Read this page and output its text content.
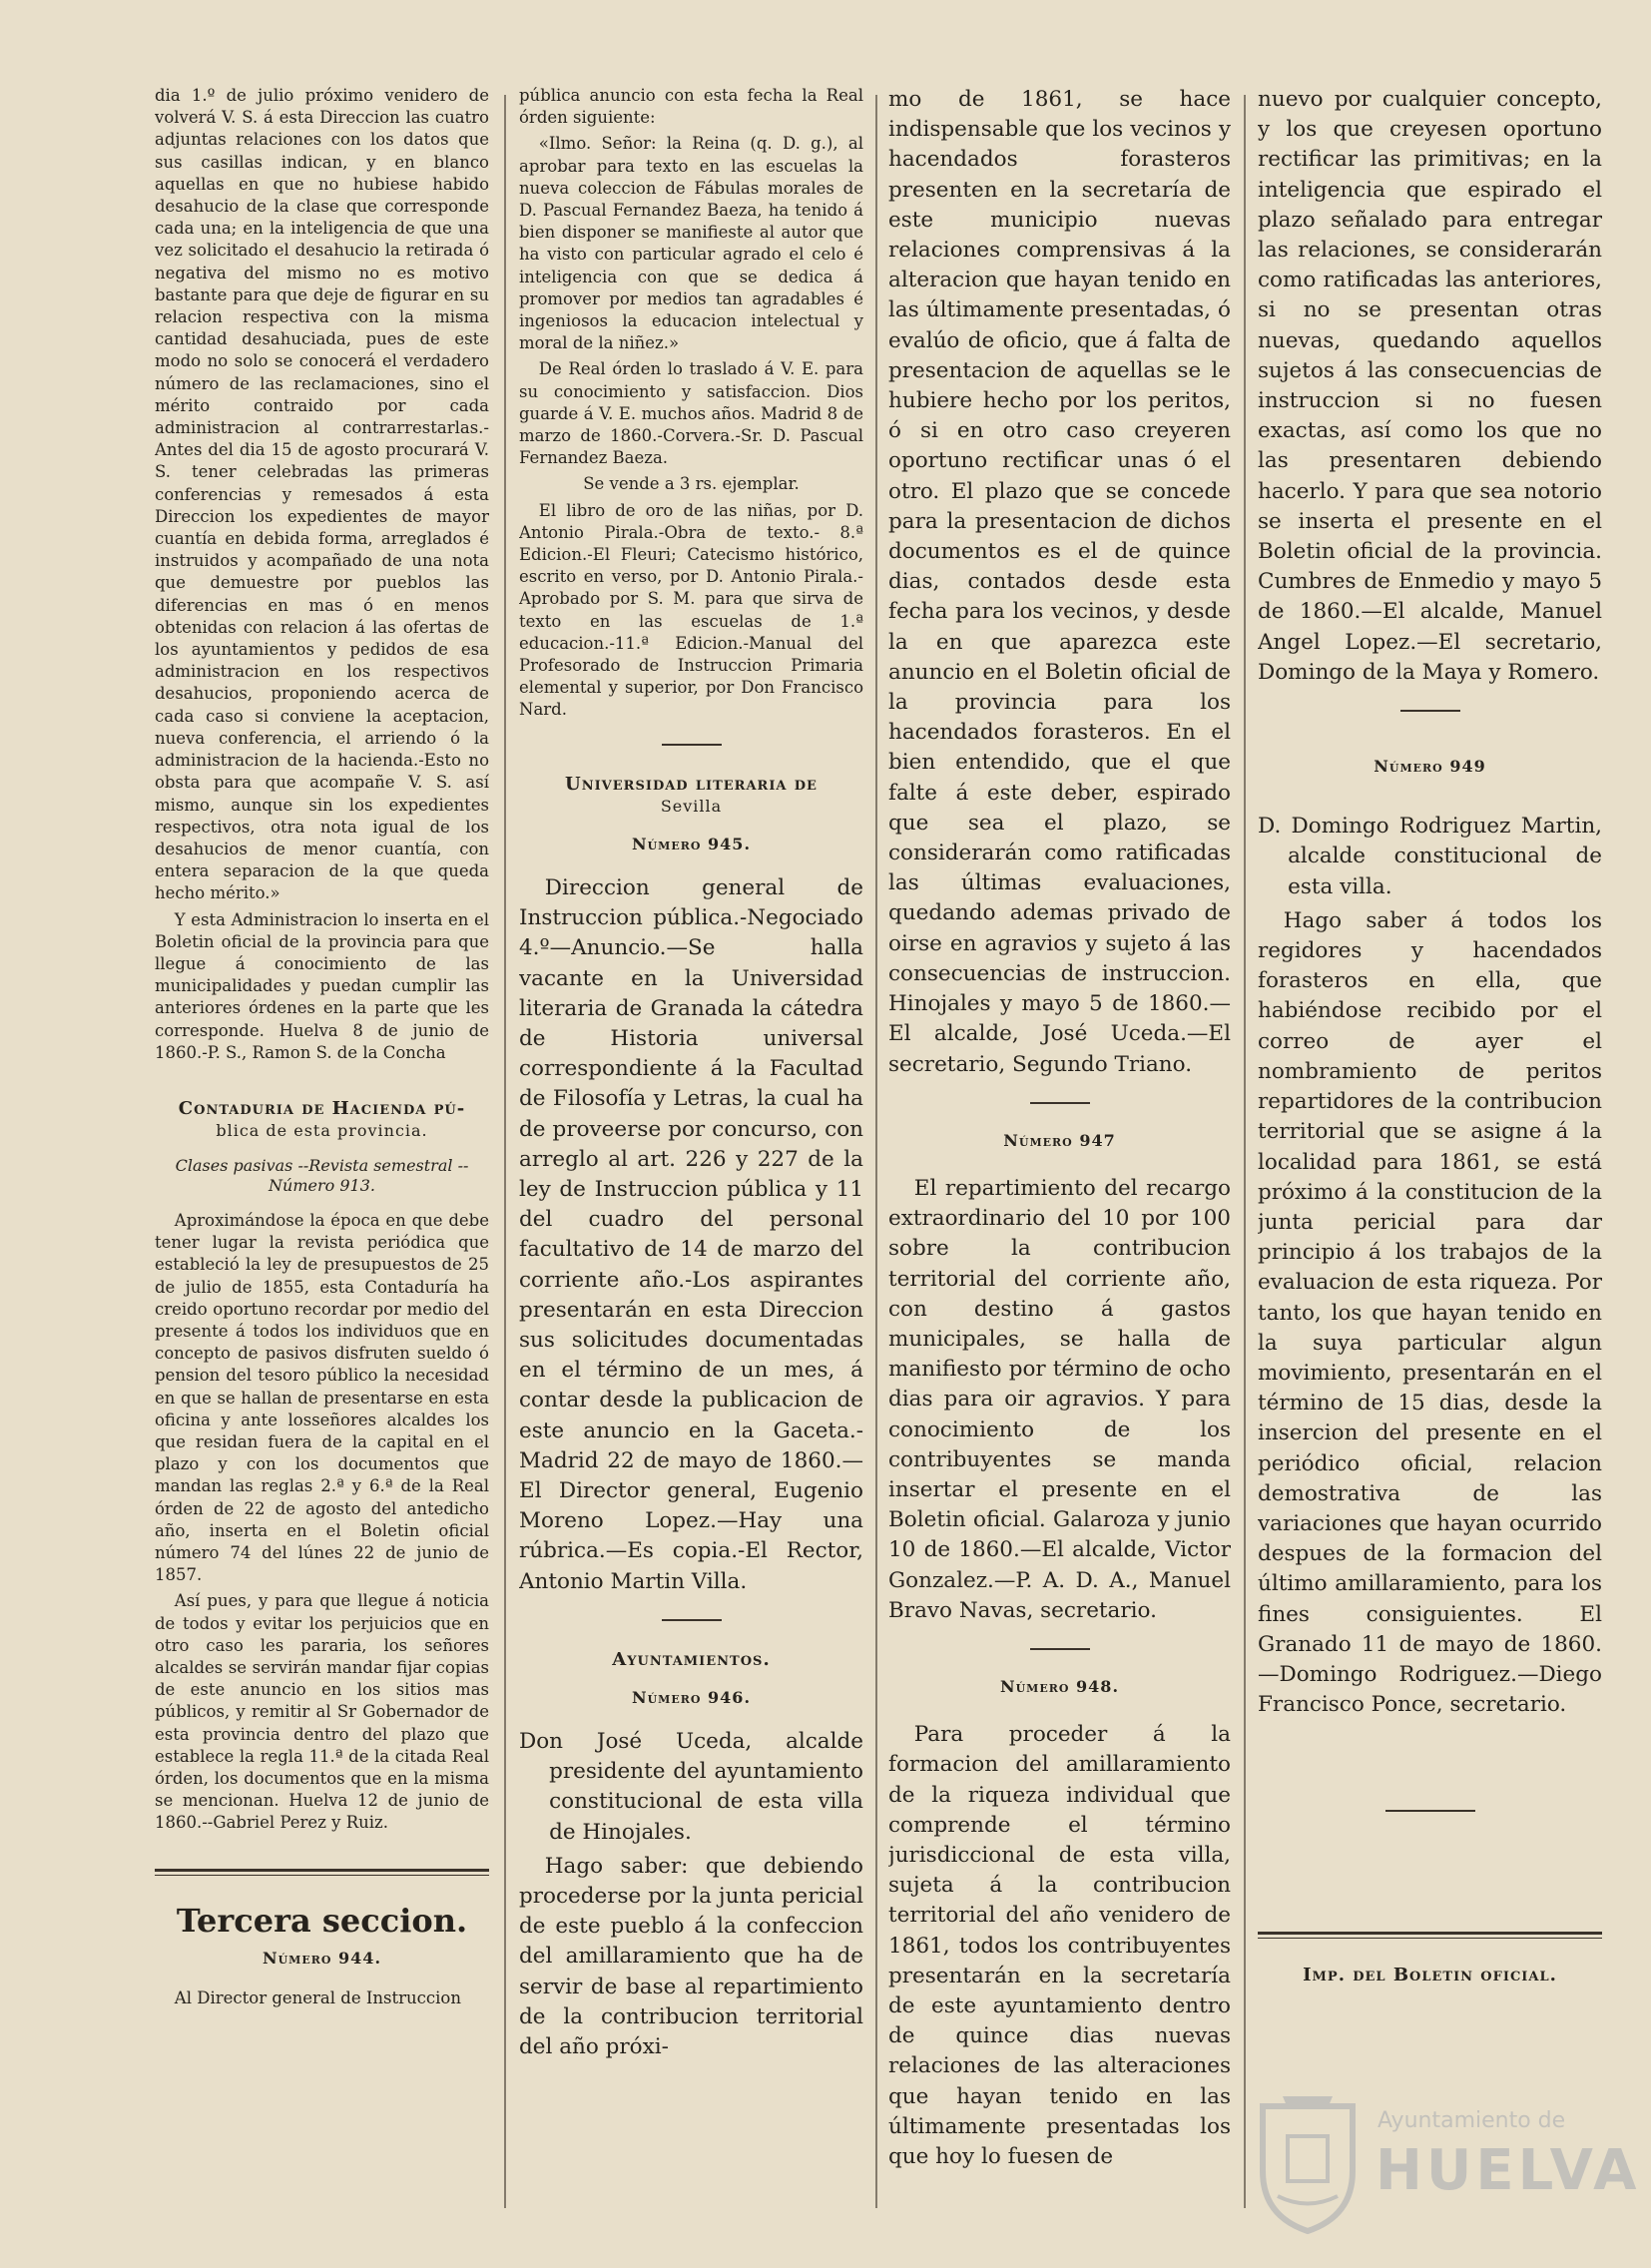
dia 1.º de julio próximo venidero de volverá V. S. á esta Direccion las cuatro adjuntas relaciones con los datos que sus casillas indican, y en blanco aquellas en que no hubiese habido desahucio de la clase que corresponde cada una; en la inteligencia de que una vez solicitado el desahucio la retirada ó negativa del mismo no es motivo bastante para que deje de figurar en su relacion respectiva con la misma cantidad desahuciada, pues de este modo no solo se conocerá el verdadero número de las reclamaciones, sino el mérito contraido por cada administracion al contrarrestarlas.-Antes del dia 15 de agosto procurará V. S. tener celebradas las primeras conferencias y remesados á esta Direccion los expedientes de mayor cuantía en debida forma, arreglados é instruidos y acompañado de una nota que demuestre por pueblos las diferencias en mas ó en menos obtenidas con relacion á las ofertas de los ayuntamientos y pedidos de esa administracion en los respectivos desahucios, proponiendo acerca de cada caso si conviene la aceptacion, nueva conferencia, el arriendo ó la administracion de la hacienda.-Esto no obsta para que acompañe V. S. así mismo, aunque sin los expedientes respectivos, otra nota igual de los desahucios de menor cuantía, con entera separacion de la que queda hecho mérito.»

Y esta Administracion lo inserta en el Boletin oficial de la provincia para que llegue á conocimiento de las municipalidades y puedan cumplir las anteriores órdenes en la parte que les corresponde. Huelva 8 de junio de 1860.-P. S., Ramon S. de la Concha

Contaduria de Hacienda pú-
blica de esta provincia.
Clases pasivas --Revista semestral --
Número 913.

Aproximándose la época en que debe tener lugar la revista periódica que estableció la ley de presupuestos de 25 de julio de 1855, esta Contaduría ha creido oportuno recordar por medio del presente á todos los individuos que en concepto de pasivos disfruten sueldo ó pension del tesoro público la necesidad en que se hallan de presentarse en esta oficina y ante losseñores alcaldes los que residan fuera de la capital en el plazo y con los documentos que mandan las reglas 2.ª y 6.ª de la Real órden de 22 de agosto del antedicho año, inserta en el Boletin oficial número 74 del lúnes 22 de junio de 1857.

Así pues, y para que llegue á noticia de todos y evitar los perjuicios que en otro caso les pararia, los señores alcaldes se servirán mandar fijar copias de este anuncio en los sitios mas públicos, y remitir al Sr Gobernador de esta provincia dentro del plazo que establece la regla 11.ª de la citada Real órden, los documentos que en la misma se mencionan. Huelva 12 de junio de 1860.--Gabriel Perez y Ruiz.

Tercera seccion.
Número 944.

Al Director general de Instruccion

pública anuncio con esta fecha la Real órden siguiente:

«Ilmo. Señor: la Reina (q. D. g.), al aprobar para texto en las escuelas la nueva coleccion de Fábulas morales de D. Pascual Fernandez Baeza, ha tenido á bien disponer se manifieste al autor que ha visto con particular agrado el celo é inteligencia con que se dedica á promover por medios tan agradables é ingeniosos la educacion intelectual y moral de la niñez.»

De Real órden lo traslado á V. E. para su conocimiento y satisfaccion. Dios guarde á V. E. muchos años. Madrid 8 de marzo de 1860.-Corvera.-Sr. D. Pascual Fernandez Baeza.

Se vende a 3 rs. ejemplar.

El libro de oro de las niñas, por D. Antonio Pirala.-Obra de texto.- 8.ª Edicion.-El Fleuri; Catecismo histórico, escrito en verso, por D. Antonio Pirala.-Aprobado por S. M. para que sirva de texto en las escuelas de 1.ª educacion.-11.ª Edicion.-Manual del Profesorado de Instruccion Primaria elemental y superior, por Don Francisco Nard.

Universidad literaria de
Sevilla
Número 945.

Direccion general de Instruccion pública.-Negociado 4.º—Anuncio.—Se halla vacante en la Universidad literaria de Granada la cátedra de Historia universal correspondiente á la Facultad de Filosofía y Letras, la cual ha de proveerse por concurso, con arreglo al art. 226 y 227 de la ley de Instruccion pública y 11 del cuadro del personal facultativo de 14 de marzo del corriente año.-Los aspirantes presentarán en esta Direccion sus solicitudes documentadas en el término de un mes, á contar desde la publicacion de este anuncio en la Gaceta.-Madrid 22 de mayo de 1860.—El Director general, Eugenio Moreno Lopez.—Hay una rúbrica.—Es copia.-El Rector, Antonio Martin Villa.

Ayuntamientos.
Número 946.

Don José Uceda, alcalde presidente del ayuntamiento constitucional de esta villa de Hinojales.

Hago saber: que debiendo procederse por la junta pericial de este pueblo á la confeccion del amillaramiento que ha de servir de base al repartimiento de la contribucion territorial del año próxi-

mo de 1861, se hace indispensable que los vecinos y hacendados forasteros presenten en la secretaría de este municipio nuevas relaciones comprensivas á la alteracion que hayan tenido en las últimamente presentadas, ó evalúo de oficio, que á falta de presentacion de aquellas se le hubiere hecho por los peritos, ó si en otro caso creyeren oportuno rectificar unas ó el otro. El plazo que se concede para la presentacion de dichos documentos es el de quince dias, contados desde esta fecha para los vecinos, y desde la en que aparezca este anuncio en el Boletin oficial de la provincia para los hacendados forasteros. En el bien entendido, que el que falte á este deber, espirado que sea el plazo, se considerarán como ratificadas las últimas evaluaciones, quedando ademas privado de oirse en agravios y sujeto á las consecuencias de instruccion. Hinojales y mayo 5 de 1860.—El alcalde, José Uceda.—El secretario, Segundo Triano.

Número 947

El repartimiento del recargo extraordinario del 10 por 100 sobre la contribucion territorial del corriente año, con destino á gastos municipales, se halla de manifiesto por término de ocho dias para oir agravios. Y para conocimiento de los contribuyentes se manda insertar el presente en el Boletin oficial. Galaroza y junio 10 de 1860.—El alcalde, Victor Gonzalez.—P. A. D. A., Manuel Bravo Navas, secretario.

Número 948.

Para proceder á la formacion del amillaramiento de la riqueza individual que comprende el término jurisdiccional de esta villa, sujeta á la contribucion territorial del año venidero de 1861, todos los contribuyentes presentarán en la secretaría de este ayuntamiento dentro de quince dias nuevas relaciones de las alteraciones que hayan tenido en las últimamente presentadas los que hoy lo fuesen de

nuevo por cualquier concepto, y los que creyesen oportuno rectificar las primitivas; en la inteligencia que espirado el plazo señalado para entregar las relaciones, se considerarán como ratificadas las anteriores, si no se presentan otras nuevas, quedando aquellos sujetos á las consecuencias de instruccion si no fuesen exactas, así como los que no las presentaren debiendo hacerlo. Y para que sea notorio se inserta el presente en el Boletin oficial de la provincia. Cumbres de Enmedio y mayo 5 de 1860.—El alcalde, Manuel Angel Lopez.—El secretario, Domingo de la Maya y Romero.

Número 949

D. Domingo Rodriguez Martin, alcalde constitucional de esta villa.

Hago saber á todos los regidores y hacendados forasteros en ella, que habiéndose recibido por el correo de ayer el nombramiento de peritos repartidores de la contribucion territorial que se asigne á la localidad para 1861, se está próximo á la constitucion de la junta pericial para dar principio á los trabajos de la evaluacion de esta riqueza. Por tanto, los que hayan tenido en la suya particular algun movimiento, presentarán en el término de 15 dias, desde la insercion del presente en el periódico oficial, relacion demostrativa de las variaciones que hayan ocurrido despues de la formacion del último amillaramiento, para los fines consiguientes. El Granado 11 de mayo de 1860.—Domingo Rodriguez.—Diego Francisco Ponce, secretario.

Imp. del Boletin oficial.
Ayuntamiento de
HUELVA
